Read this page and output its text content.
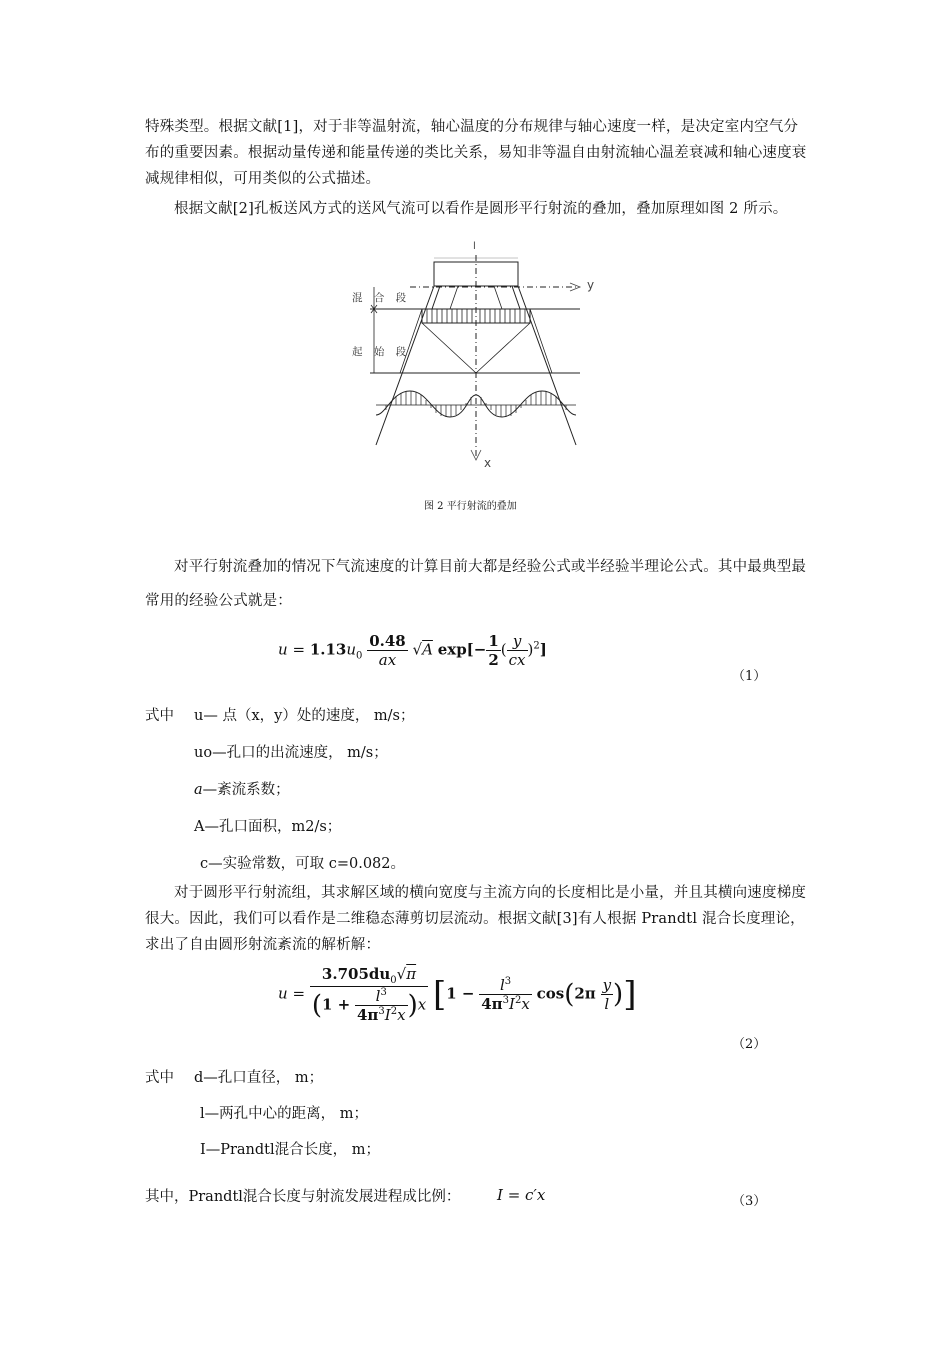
特殊类型。根据文献[1]，对于非等温射流，轴心温度的分布规律与轴心速度一样，是决定室内空气分布的重要因素。根据动量传递和能量传递的类比关系，易知非等温自由射流轴心温差衰减和轴心速度衰减规律相似，可用类似的公式描述。
根据文献[2]孔板送风方式的送风气流可以看作是圆形平行射流的叠加，叠加原理如图 2 所示。
混 合 段
起 始 段
l
y
x
图 2 平行射流的叠加
对平行射流叠加的情况下气流速度的计算目前大都是经验公式或半经验半理论公式。其中最典型最常用的经验公式就是：
$u = 1.13u_0 \frac{0.48}{ax} √A$ $\exp[- \frac{1}{2}$ ( $\frac{y}{cx} )^2$]
（1）
式中 u— 点（x，y）处的速度， m/s；
uo—孔口的出流速度， m/s；
a—紊流系数；
A—孔口面积，m2/s；
c—实验常数，可取 c=0.082。
对于圆形平行射流组，其求解区域的横向宽度与主流方向的长度相比是小量，并且其横向速度梯度很大。因此，我们可以看作是二维稳态薄剪切层流动。根据文献[3]有人根据 Prandtl 混合长度理论，求出了自由圆形射流紊流的解析解：
$u = \frac{3.705du_0√\pi}{(1 + \frac{l^3}{4\pi^3I^2x} )x} [1 - \frac{l^3}{4\pi^3I^2x} \cos(2\pi \frac{y}{l}$ )]
（2）
式中 d—孔口直径， m；
l—两孔中心的距离， m；
I—Prandtl混合长度， m；
其中，Prandtl混合长度与射流发展进程成比例： I = c′x	（3）
